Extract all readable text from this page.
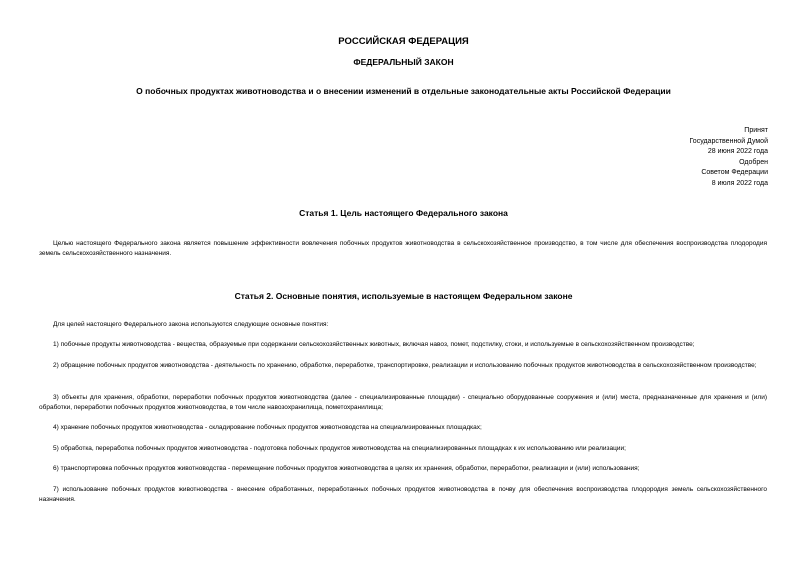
РОССИЙСКАЯ ФЕДЕРАЦИЯ
ФЕДЕРАЛЬНЫЙ ЗАКОН
О побочных продуктах животноводства и о внесении изменений в отдельные законодательные акты Российской Федерации
Принят
Государственной Думой
28 июня 2022 года
Одобрен
Советом Федерации
8 июля 2022 года
Статья 1. Цель настоящего Федерального закона
Целью настоящего Федерального закона является повышение эффективности вовлечения побочных продуктов животноводства в сельскохозяйственное производство, в том числе для обеспечения воспроизводства плодородия земель сельскохозяйственного назначения.
Статья 2. Основные понятия, используемые в настоящем Федеральном законе
Для целей настоящего Федерального закона используются следующие основные понятия:
1) побочные продукты животноводства - вещества, образуемые при содержании сельскохозяйственных животных, включая навоз, помет, подстилку, стоки, и используемые в сельскохозяйственном производстве;
2) обращение побочных продуктов животноводства - деятельность по хранению, обработке, переработке, транспортировке, реализации и использованию побочных продуктов животноводства в сельскохозяйственном производстве;
3) объекты для хранения, обработки, переработки побочных продуктов животноводства (далее - специализированные площадки) - специально оборудованные сооружения и (или) места, предназначенные для хранения и (или) обработки, переработки побочных продуктов животноводства, в том числе навозохранилища, пометохранилища;
4) хранение побочных продуктов животноводства - складирование побочных продуктов животноводства на специализированных площадках;
5) обработка, переработка побочных продуктов животноводства - подготовка побочных продуктов животноводства на специализированных площадках к их использованию или реализации;
6) транспортировка побочных продуктов животноводства - перемещение побочных продуктов животноводства в целях их хранения, обработки, переработки, реализации и (или) использования;
7) использование побочных продуктов животноводства - внесение обработанных, переработанных побочных продуктов животноводства в почву для обеспечения воспроизводства плодородия земель сельскохозяйственного назначения.
